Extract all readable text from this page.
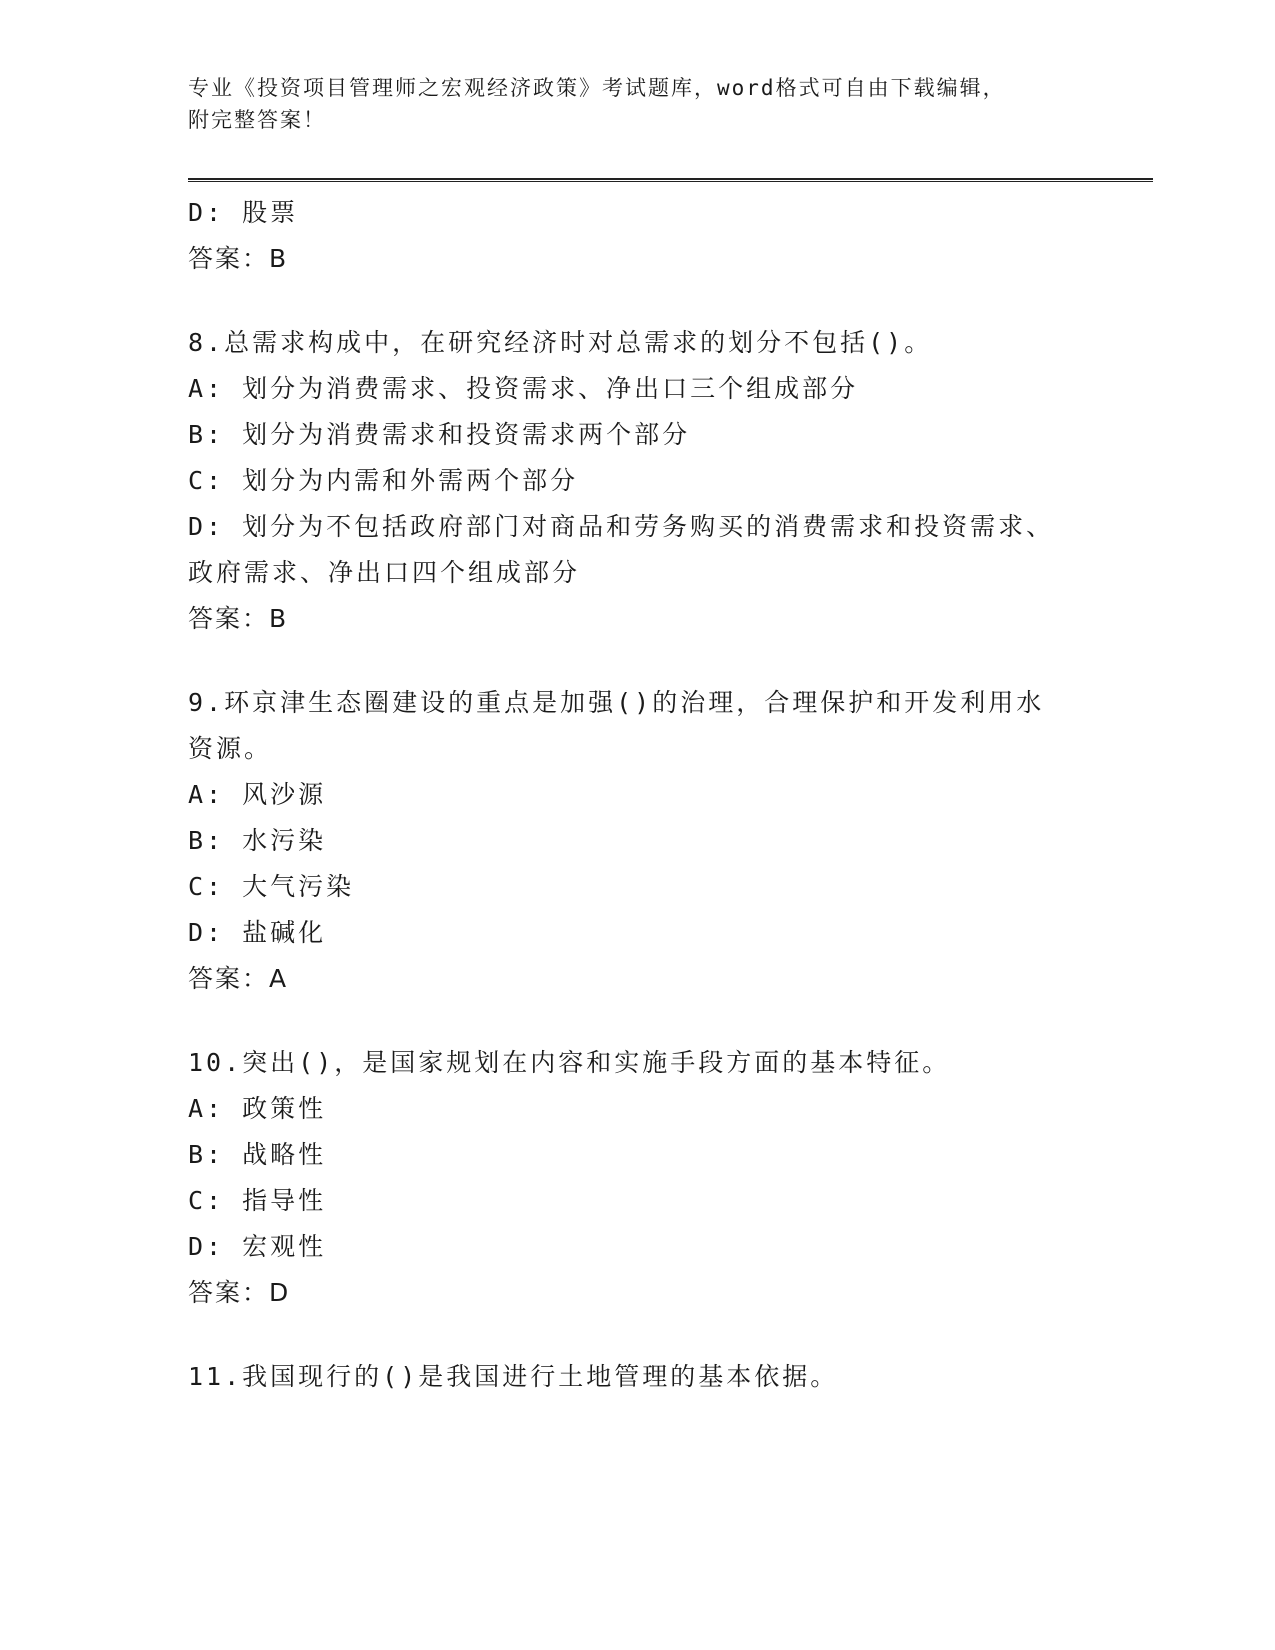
专业《投资项目管理师之宏观经济政策》考试题库，word格式可自由下载编辑，
附完整答案！
D: 股票
答案：B
8.总需求构成中，在研究经济时对总需求的划分不包括()。
A: 划分为消费需求、投资需求、净出口三个组成部分
B: 划分为消费需求和投资需求两个部分
C: 划分为内需和外需两个部分
D: 划分为不包括政府部门对商品和劳务购买的消费需求和投资需求、
政府需求、净出口四个组成部分
答案：B
9.环京津生态圈建设的重点是加强()的治理，合理保护和开发利用水
资源。
A: 风沙源
B: 水污染
C: 大气污染
D: 盐碱化
答案：A
10.突出()，是国家规划在内容和实施手段方面的基本特征。
A: 政策性
B: 战略性
C: 指导性
D: 宏观性
答案：D
11.我国现行的()是我国进行土地管理的基本依据。
